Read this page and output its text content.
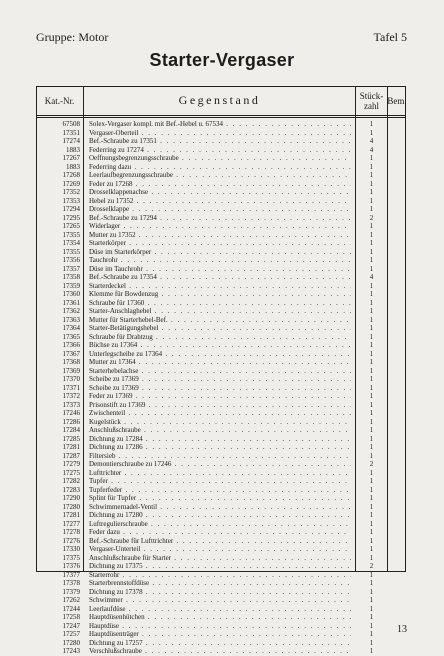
Gruppe: Motor	Tafel 5
Starter-Vergaser
Kat.-Nr.	Gegenstand	Stück-
zahl Bem.
67508 Solex-Vergaser kompl. mit Bef.-Hebel u. 67534 . . .	1
17351 Vergaser-Oberteil . . .	1
17274 Bef.-Schraube zu 17351 . . .	4
1883 Federring zu 17274 . . .	4
17267 Oeffnungsbegrenzungsschraube . . .	1
1883 Federring dazu . . .	1
17268 Leerlaufbegrenzungsschraube . . .	1
17269 Feder zu 17268 . . .	1
17352 Drosselklappenachse . . .	1
17353 Hebel zu 17352 . . .	1
17294 Drosselklappe . . .	1
17295 Bef.-Schraube zu 17294 . . .	2
17265 Widerlager . . .	1
17355 Mutter zu 17352 . . .	1
17354 Starterkörper . . .	1
17355 Düse im Starterkörper . . .	1
17356 Tauchrohr . . .	1
17357 Düse im Tauchrohr . . .	1
17358 Bef.-Schraube zu 17354 . . .	4
17359 Starterdeckel . . .	1
17360 Klemme für Bowdenzug . . .	1
17361 Schraube für 17360 . . .	1
17362 Starter-Anschlaghebel . . .	1
17363 Mutter für Starterhebel-Bef. . . .	1
17364 Starter-Betätigungshebel . . .	1
17365 Schraube für Drahtzug . . .	1
17366 Büchse zu 17364 . . .	1
17367 Unterlegscheibe zu 17364 . . .	1
17368 Mutter zu 17364 . . .	1
17369 Starterhebelachse . . .	1
17370 Scheibe zu 17369 . . .	1
17371 Scheibe zu 17369 . . .	1
17372 Feder zu 17369 . . .	1
17373 Prisonstift zu 17369 . . .	1
17246 Zwischenteil . . .	1
17286 Kugelstück . . .	1
17284 Anschlußschraube . . .	1
17285 Dichtung zu 17284 . . .	1
17281 Dichtung zu 17286 . . .	1
17287 Filtersieb . . .	1
17279 Demontierschraube zu 17246 . . .	2
17275 Lufttrichter . . .	1
17282 Tupfer . . .	1
17283 Tupferfeder . . .	1
17290 Splint für Tupfer . . .	1
17280 Schwimmernadel-Ventil . . .	1
17281 Dichtung zu 17280 . . .	1
17277 Luftregulierschraube . . .	1
17278 Feder dazu . . .	1
17276 Bef.-Schraube für Lufttrichter . . .	1
17330 Vergaser-Unterteil . . .	1
17375 Anschlußschraube für Starter . . .	1
17376 Dichtung zu 17375 . . .	2
17377 Starterrohr . . .	1
17378 Starterbrennstoffdüse . . .	1
17379 Dichtung zu 17378 . . .	1
17262 Schwimmer . . .	1
17244 Leerlaufdüse . . .	1
17258 Hauptdüsenhütchen . . .	1
17247 Hauptdüse . . .	1
17257 Hauptdüsenträger . . .	1
17280 Dichtung zu 17257 . . .	1
17243 Verschlußschraube . . .	1
13
